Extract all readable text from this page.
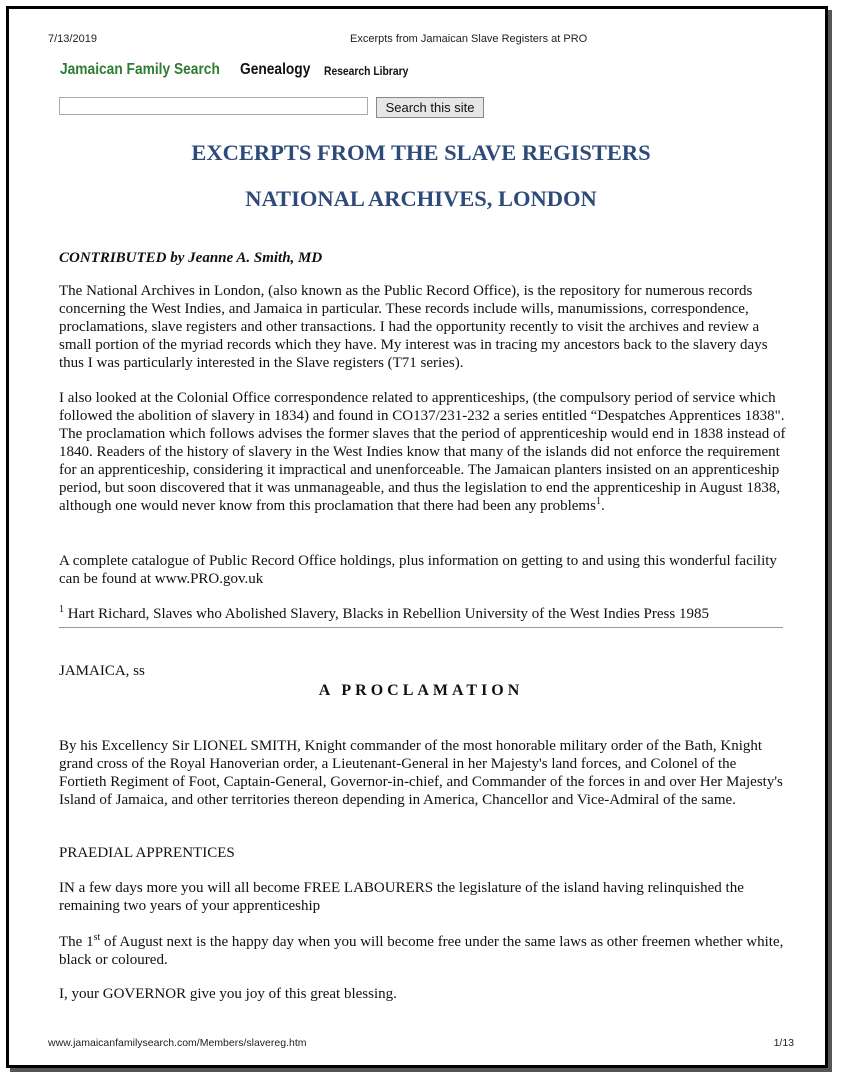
7/13/2019	Excerpts from Jamaican Slave Registers at PRO
Jamaican Family Search Genealogy Research Library
Search this site
EXCERPTS FROM THE SLAVE REGISTERS
NATIONAL ARCHIVES, LONDON

CONTRIBUTED by Jeanne A. Smith, MD

The National Archives in London, (also known as the Public Record Office), is the repository for numerous records concerning the West Indies, and Jamaica in particular. These records include wills, manumissions, correspondence, proclamations, slave registers and other transactions. I had the opportunity recently to visit the archives and review a small portion of the myriad records which they have. My interest was in tracing my ancestors back to the slavery days thus I was particularly interested in the Slave registers (T71 series).

I also looked at the Colonial Office correspondence related to apprenticeships, (the compulsory period of service which followed the abolition of slavery in 1834) and found in CO137/231-232 a series entitled “Despatches Apprentices 1838". The proclamation which follows advises the former slaves that the period of apprenticeship would end in 1838 instead of 1840. Readers of the history of slavery in the West Indies know that many of the islands did not enforce the requirement for an apprenticeship, considering it impractical and unenforceable. The Jamaican planters insisted on an apprenticeship period, but soon discovered that it was unmanageable, and thus the legislation to end the apprenticeship in August 1838, although one would never know from this proclamation that there had been any problems$^1$.

A complete catalogue of Public Record Office holdings, plus information on getting to and using this wonderful facility can be found at www.PRO.gov.uk

$^1$ Hart Richard, Slaves who Abolished Slavery, Blacks in Rebellion University of the West Indies Press 1985

JAMAICA, ss

A PROCLAMATION

By his Excellency Sir LIONEL SMITH, Knight commander of the most honorable military order of the Bath, Knight grand cross of the Royal Hanoverian order, a Lieutenant-General in her Majesty's land forces, and Colonel of the Fortieth Regiment of Foot, Captain-General, Governor-in-chief, and Commander of the forces in and over Her Majesty's Island of Jamaica, and other territories thereon depending in America, Chancellor and Vice-Admiral of the same.

PRAEDIAL APPRENTICES

IN a few days more you will all become FREE LABOURERS the legislature of the island having relinquished the remaining two years of your apprenticeship

The 1st of August next is the happy day when you will become free under the same laws as other freemen whether white, black or coloured.

I, your GOVERNOR give you joy of this great blessing.

www.jamaicanfamilysearch.com/Members/slavereg.htm	1/13
